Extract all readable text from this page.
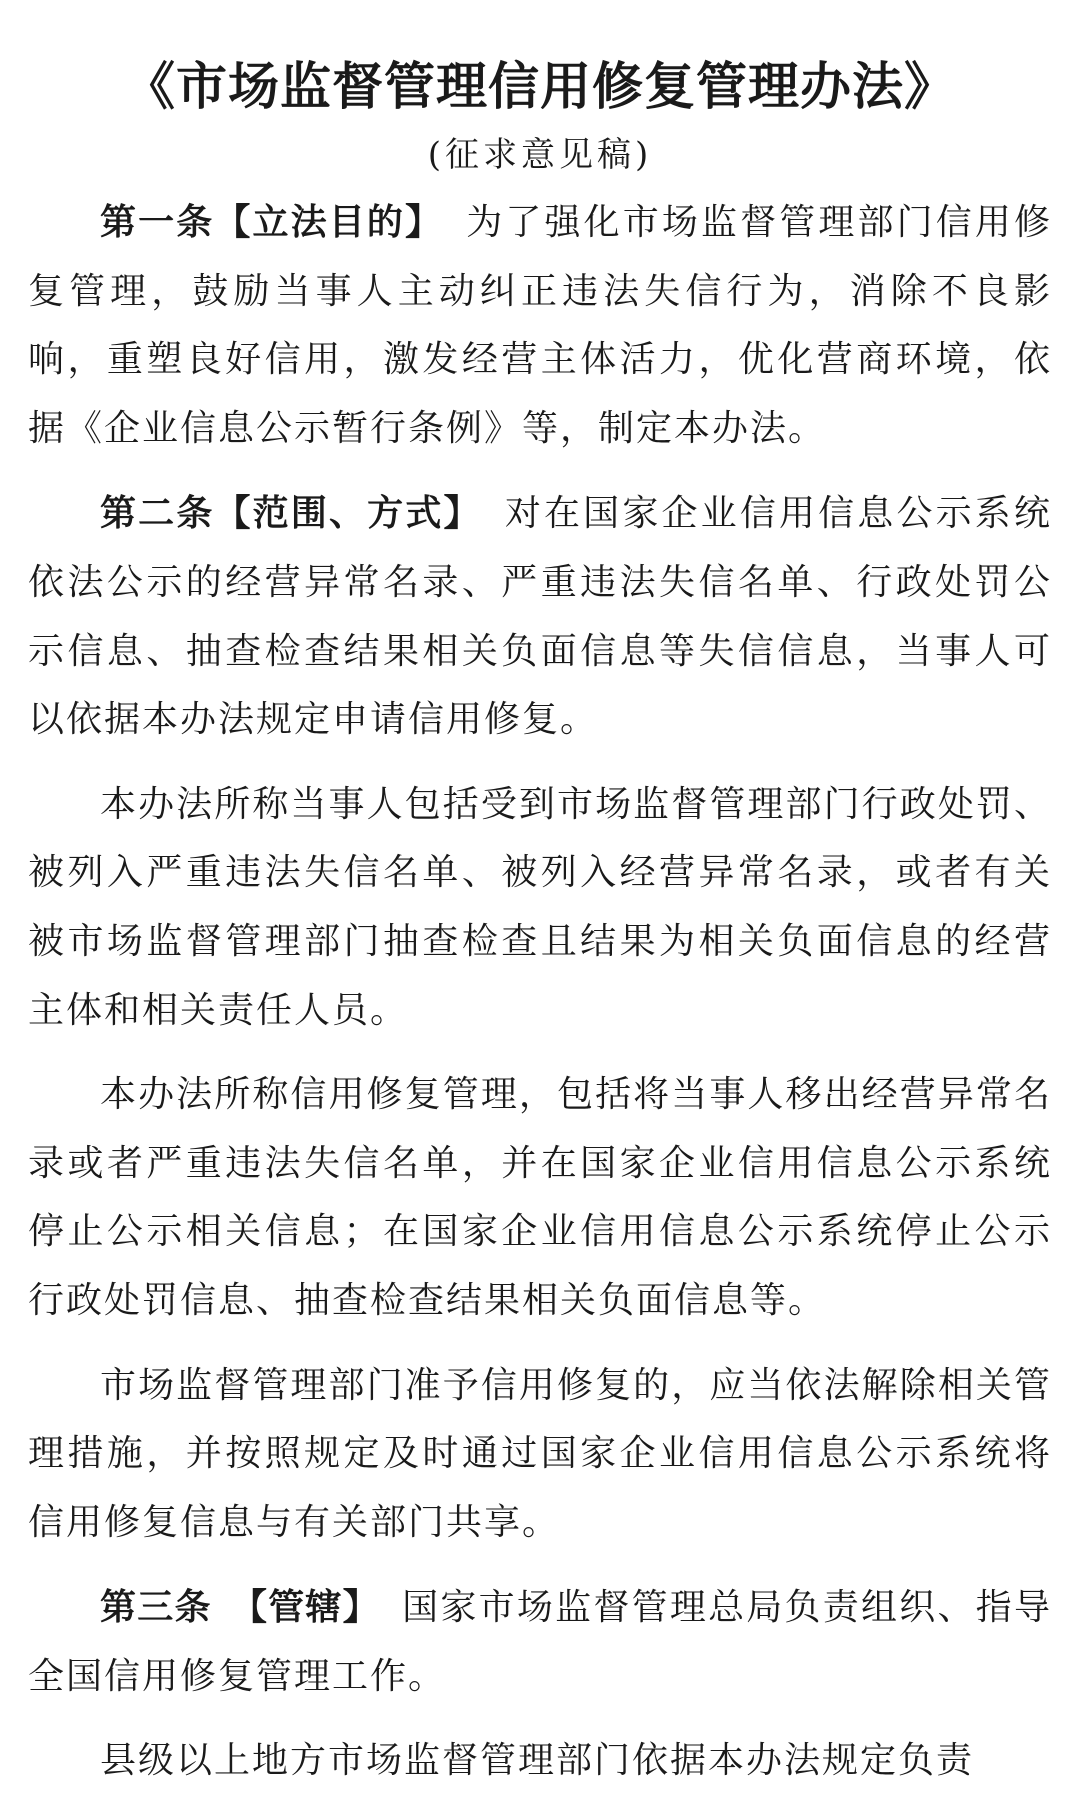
《市场监督管理信用修复管理办法》
(征求意见稿)

第一条【立法目的】 为了强化市场监督管理部门信用修复管理，鼓励当事人主动纠正违法失信行为，消除不良影响，重塑良好信用，激发经营主体活力，优化营商环境，依据《企业信息公示暂行条例》等，制定本办法。

第二条【范围、方式】 对在国家企业信用信息公示系统依法公示的经营异常名录、严重违法失信名单、行政处罚公示信息、抽查检查结果相关负面信息等失信信息，当事人可以依据本办法规定申请信用修复。

本办法所称当事人包括受到市场监督管理部门行政处罚、被列入严重违法失信名单、被列入经营异常名录，或者有关被市场监督管理部门抽查检查且结果为相关负面信息的经营主体和相关责任人员。

本办法所称信用修复管理，包括将当事人移出经营异常名录或者严重违法失信名单，并在国家企业信用信息公示系统停止公示相关信息；在国家企业信用信息公示系统停止公示行政处罚信息、抽查检查结果相关负面信息等。

市场监督管理部门准予信用修复的，应当依法解除相关管理措施，并按照规定及时通过国家企业信用信息公示系统将信用修复信息与有关部门共享。

第三条　【管辖】 国家市场监督管理总局负责组织、指导全国信用修复管理工作。

县级以上地方市场监督管理部门依据本办法规定负责
